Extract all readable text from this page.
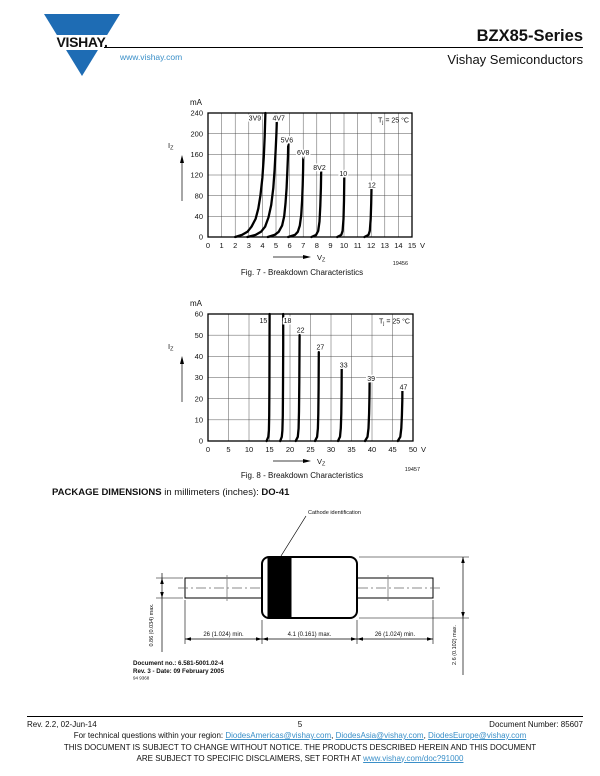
VISHAY.
www.vishay.com
BZX85-Series
Vishay Semiconductors
0 1 2 3 4 5 6 7 8 9 10 11 12 13 14 15 V
0
40
80
120
160
200
240
mA
$I_Z$
$V_Z$
$T_j = 25$ °C
19456
3V9 4V7
5V6
6V8
8V2
10
12
Fig. 7 - Breakdown Characteristics
0 5 10 15 20 25 30 35 40 45 50 V
0
10
20
30
40
50
60
mA
$I_Z$
$V_Z$
$T_j = 25$ °C
19457
15 18
22
27
33
39
47
Fig. 8 - Breakdown Characteristics
PACKAGE DIMENSIONS in millimeters (inches): DO-41
Cathode identification
26 (1.024) min.	4.1 (0.161) max.	26 (1.024) min.
0.86 (0.034) max.	2.6 (0.102) max.
Document no.: 6.581-5001.02-4
Rev. 3 - Date: 09 February 2005
94 9368
Rev. 2.2, 02-Jun-14	5	Document Number: 85607
For technical questions within your region: DiodesAmericas@vishay.com, DiodesAsia@vishay.com, DiodesEurope@vishay.com
THIS DOCUMENT IS SUBJECT TO CHANGE WITHOUT NOTICE. THE PRODUCTS DESCRIBED HEREIN AND THIS DOCUMENT
ARE SUBJECT TO SPECIFIC DISCLAIMERS, SET FORTH AT www.vishay.com/doc?91000
